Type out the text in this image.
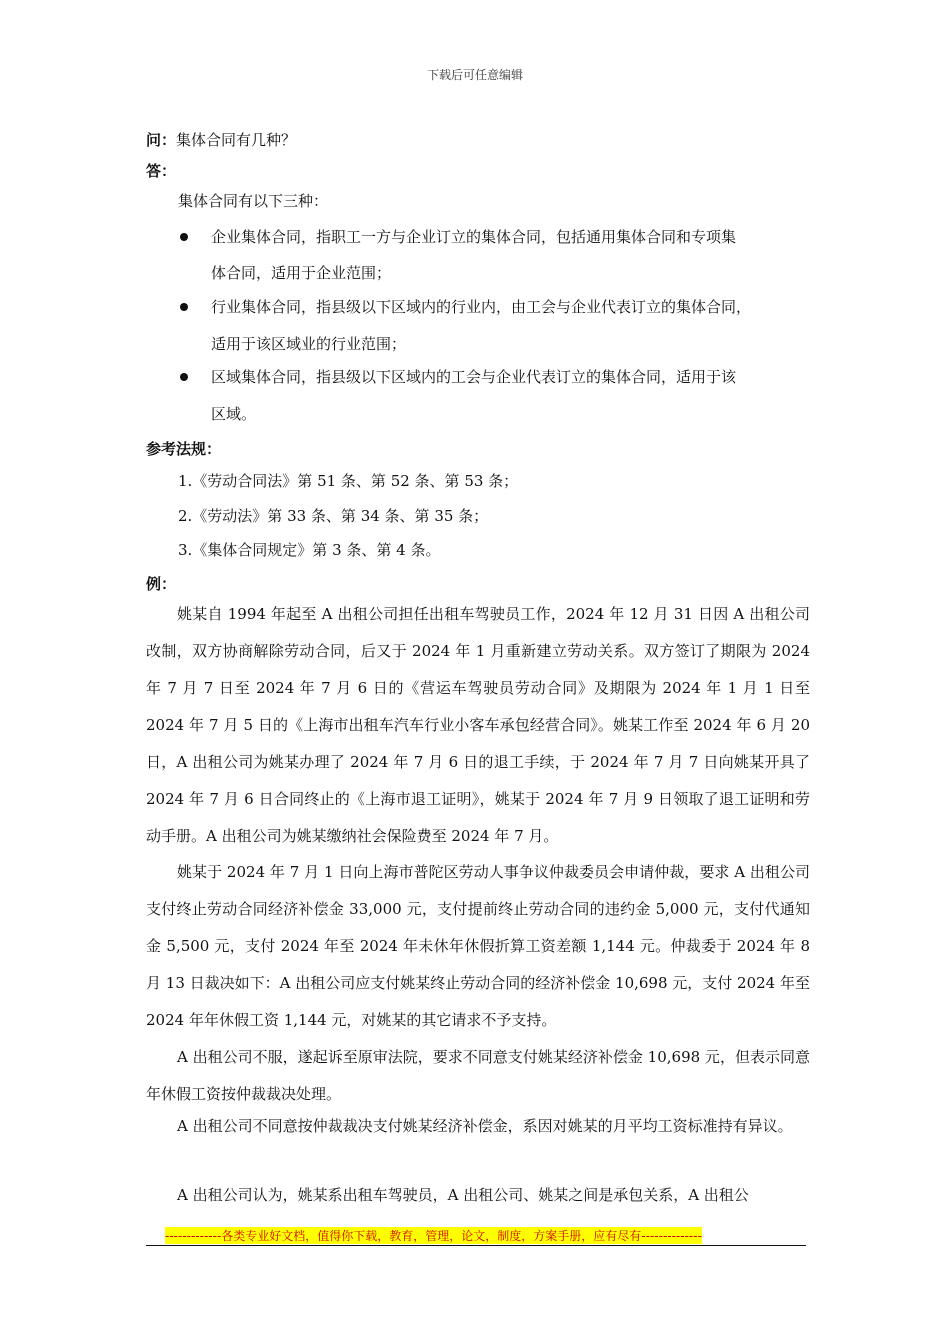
下载后可任意编辑
问：集体合同有几种？
答：
集体合同有以下三种：
企业集体合同，指职工一方与企业订立的集体合同，包括通用集体合同和专项集
体合同，适用于企业范围；
行业集体合同，指县级以下区域内的行业内，由工会与企业代表订立的集体合同，
适用于该区域业的行业范围；
区域集体合同，指县级以下区域内的工会与企业代表订立的集体合同，适用于该
区域。
参考法规：
1.《劳动合同法》第 51 条、第 52 条、第 53 条；
2.《劳动法》第 33 条、第 34 条、第 35 条；
3.《集体合同规定》第 3 条、第 4 条。
例：
姚某自 1994 年起至 A 出租公司担任出租车驾驶员工作，2024 年 12 月 31 日因 A 出租公司改制，双方协商解除劳动合同，后又于 2024 年 1 月重新建立劳动关系。双方签订了期限为 2024 年 7 月 7 日至 2024 年 7 月 6 日的《营运车驾驶员劳动合同》及期限为 2024 年 1 月 1 日至 2024 年 7 月 5 日的《上海市出租车汽车行业小客车承包经营合同》。姚某工作至 2024 年 6 月 20 日，A 出租公司为姚某办理了 2024 年 7 月 6 日的退工手续，于 2024 年 7 月 7 日向姚某开具了 2024 年 7 月 6 日合同终止的《上海市退工证明》，姚某于 2024 年 7 月 9 日领取了退工证明和劳动手册。A 出租公司为姚某缴纳社会保险费至 2024 年 7 月。
姚某于 2024 年 7 月 1 日向上海市普陀区劳动人事争议仲裁委员会申请仲裁，要求 A 出租公司支付终止劳动合同经济补偿金 33,000 元，支付提前终止劳动合同的违约金 5,000 元，支付代通知金 5,500 元，支付 2024 年至 2024 年未休年休假折算工资差额 1,144 元。仲裁委于 2024 年 8 月 13 日裁决如下：A 出租公司应支付姚某终止劳动合同的经济补偿金 10,698 元，支付 2024 年至 2024 年年休假工资 1,144 元，对姚某的其它请求不予支持。
A 出租公司不服，遂起诉至原审法院，要求不同意支付姚某经济补偿金 10,698 元，但表示同意年休假工资按仲裁裁决处理。
A 出租公司不同意按仲裁裁决支付姚某经济补偿金，系因对姚某的月平均工资标准持有异议。
A 出租公司认为，姚某系出租车驾驶员，A 出租公司、姚某之间是承包关系，A 出租公
-------------各类专业好文档，值得你下载，教育，管理，论文，制度，方案手册，应有尽有--------------
